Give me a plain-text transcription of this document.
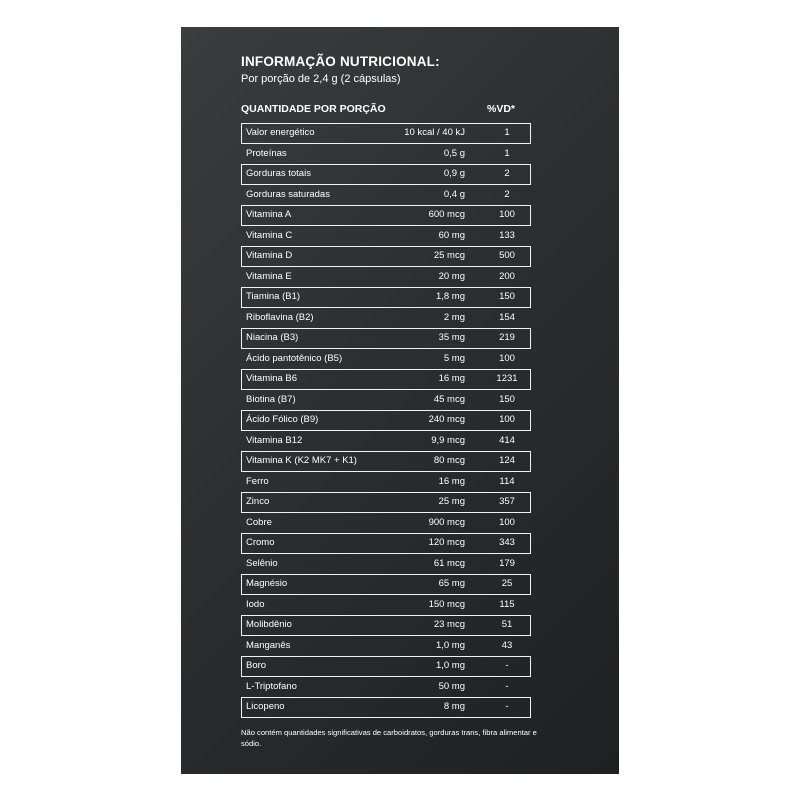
INFORMAÇÃO NUTRICIONAL:
Por porção de 2,4 g (2 cápsulas)
QUANTIDADE POR PORÇÃO	%VD*
Valor energético	10 kcal / 40 kJ	1
Proteínas	0,5 g	1
Gorduras totais	0,9 g	2
Gorduras saturadas	0,4 g	2
Vitamina A	600 mcg	100
Vitamina C	60 mg	133
Vitamina D	25 mcg	500
Vitamina E	20 mg	200
Tiamina (B1)	1,8 mg	150
Riboflavina (B2)	2 mg	154
Niacina (B3)	35 mg	219
Ácido pantotênico (B5)	5 mg	100
Vitamina B6	16 mg	1231
Biotina (B7)	45 mcg	150
Ácido Fólico (B9)	240 mcg	100
Vitamina B12	9,9 mcg	414
Vitamina K (K2 MK7 + K1)	80 mcg	124
Ferro	16 mg	114
Zinco	25 mg	357
Cobre	900 mcg	100
Cromo	120 mcg	343
Selênio	61 mcg	179
Magnésio	65 mg	25
Iodo	150 mcg	115
Molibdênio	23 mcg	51
Manganês	1,0 mg	43
Boro	1,0 mg	-
L-Triptofano	50 mg	-
Licopeno	8 mg	-
Não contém quantidades significativas de carboidratos, gorduras trans, fibra alimentar e sódio.
